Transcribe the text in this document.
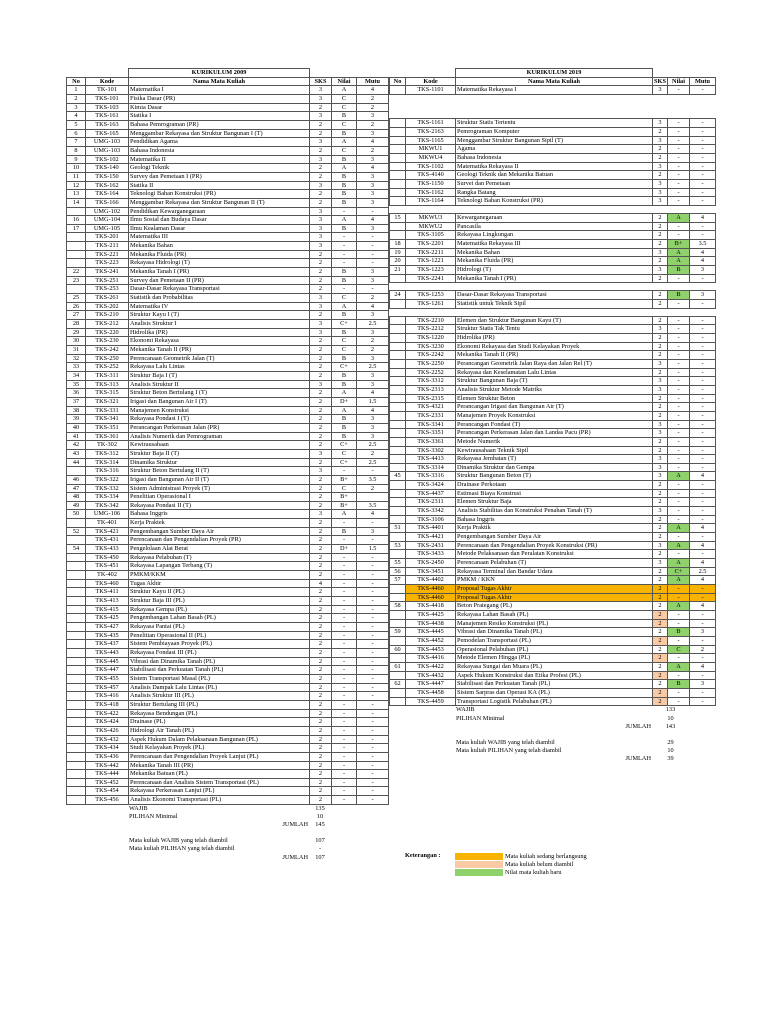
		KURIKULUM 2009			
No	Kode	Nama Mata Kuliah	SKS	Nilai	Mutu
1	TK-101	Matematika I	3	A	4
2	TKS-101	Fisika Dasar (PR)	3	C	2
3	TKS-103	Kimia Dasar	2	C	2
4	TKS-161	Statika I	3	B	3
5	TKS-163	Bahasa Pemrograman (PR)	2	C	2
6	TKS-165	Menggambar Rekayasa dan Struktur Bangunan I (T)	2	B	3
7	UMG-103	Pendidikan Agama	3	A	4
8	UMG-103	Bahasa Indonesia	2	C	2
9	TKS-102	Matematika II	3	B	3
10	TKS-140	Geologi Teknik	2	A	4
11	TKS-150	Survey dan Pemetaan I (PR)	2	B	3
12	TKS-162	Statika II	3	B	3
13	TKS-164	Teknologi Bahan Konstruksi (PR)	2	B	3
14	TKS-166	Menggambar Rekayasa dan Struktur Bangunan II (T)	2	B	3
	UMG-102	Pendidikan Kewarganegaraan	3	-	-
16	UMG-104	Ilmu Sosial dan Budaya Dasar	3	A	4
17	UMG-105	Ilmu Kealaman Dasar	3	B	3
	TKS-201	Matematika III	3	-	-
	TKS-211	Mekanika Bahan	3	-	-
	TKS-221	Mekanika Fluida (PR)	2	-	-
	TKS-223	Rekayasa Hidrologi (T)	2	-	-
22	TKS-241	Mekanika Tanah I (PR)	2	B	3
23	TKS-251	Survey dan Pemetaan II (PR)	2	B	3
	TKS-253	Dasar-Dasar Rekayasa Transportasi	2	-	-
25	TKS-261	Statistik dan Probabilitas	3	C	2
26	TKS-202	Matematika IV	3	A	4
27	TKS-210	Struktur Kayu I (T)	2	B	3
28	TKS-212	Analisis Struktur I	3	C+	2.5
29	TKS-220	Hidrolika (PR)	3	B	3
30	TKS-230	Ekonomi Rekayasa	2	C	2
31	TKS-242	Mekanika Tanah II (PR)	2	C	2
32	TKS-250	Perencanaan Geometrik Jalan (T)	2	B	3
33	TKS-252	Rekayasa Lalu Lintas	2	C+	2.5
34	TKS-311	Struktur Baja I (T)	2	B	3
35	TKS-313	Analisis Struktur II	3	B	3
36	TKS-315	Struktur Beton Bertulang I (T)	2	A	4
37	TKS-321	Irigasi dan Bangunan Air I (T)	2	D+	1.5
38	TKS-331	Manajemen Konstruksi	2	A	4
39	TKS-341	Rekayasa Pondasi I (T)	2	B	3
40	TKS-351	Perancangan Perkerasan Jalan (PR)	2	B	3
41	TKS-361	Analisis Numerik dan Pemrograman	2	B	3
42	TK-302	Kewirausahaan	2	C+	2.5
43	TKS-312	Struktur Baja II (T)	3	C	2
44	TKS-314	Dinamika Struktur	2	C+	2.5
	TKS-316	Struktur Beton Bertulang II (T)	3	-	-
46	TKS-322	Irigasi dan Bangunan Air II (T)	2	B+	3.5
47	TKS-332	Sistem Administrasi Proyek (T)	2	C	2
48	TKS-334	Penelitian Operasional I	2	B+	
49	TKS-342	Rekayasa Pondasi II (T)	2	B+	3.5
50	UMG-106	Bahasa Inggris	3	A	4
	TK-401	Kerja Praktek	2	-	-
52	TKS-421	Pengembangan Sumber Daya Air	2	B	3
	TKS-431	Perencanaan dan Pengendalian Proyek (PR)	2	-	-
54	TKS-433	Pengelolaan Alat Berat	2	D+	1.5
	TKS-450	Rekayasa Pelabuhan (T)	2	-	-
	TKS-451	Rekayasa Lapangan Terbang (T)	2	-	-
	TK-402	PMKM/KKM	2	-	-
	TKS-460	Tugas Akhir	4	-	-
	TKS-411	Struktur Kayu II (PL)	2	-	-
	TKS-413	Struktur Baja III (PL)	2	-	-
	TKS-415	Rekayasa Gempa (PL)	2	-	-
	TKS-425	Pengembangan Lahan Basah (PL)	2	-	-
	TKS-427	Rekayasa Pantai (PL)	2	-	-
	TKS-435	Penelitian Operasional II (PL)	2	-	-
	TKS-437	Sistem Pembiayaan Proyek (PL)	2	-	-
	TKS-443	Rekayasa Fondasi III (PL)	2	-	-
	TKS-445	Vibrasi dan Dinamika Tanah (PL)	2	-	-
	TKS-447	Stabilisasi dan Perkuatan Tanah (PL)	2	-	-
	TKS-455	Sistem Transportasi Masal (PL)	2	-	-
	TKS-457	Analisis Dampak Lalu Lintas (PL)	2	-	-
	TKS-416	Analisis Struktur III (PL)	2	-	-
	TKS-418	Struktur Bertulang III (PL)	2	-	-
	TKS-422	Rekayasa Bendungan (PL)	2	-	-
	TKS-424	Drainase (PL)	2	-	-
	TKS-426	Hidrologi Air Tanah (PL)	2	-	-
	TKS-432	Aspek Hukum Dalam Pelaksanaan Bangunan (PL)	2	-	-
	TKS-434	Studi Kelayakan Proyek (PL)	2	-	-
	TKS-436	Perencanaan dan Pengendalian Proyek Lanjut (PL)	2	-	-
	TKS-442	Mekanika Tanah III (PR)	2	-	-
	TKS-444	Mekanika Batuan (PL)	2	-	-
	TKS-452	Perencanaan dan Analisis Sistem Transportasi (PL)	2	-	-
	TKS-454	Rekayasa Perkerasan Lanjut (PL)	2	-	-
	TKS-456	Analisis Ekonomi Transportasi (PL)	2	-	-
	WAJIB	135	
	PILIHAN Minimal	10	
	JUMLAH	145	

	Mata kuliah WAJIB yang telah diambil	107	
	Mata kuliah PILIHAN yang telah diambil	-	
	JUMLAH	107	
		KURIKULUM 2019			
No	Kode	Nama Mata Kuliah	SKS	Nilai	Mutu
	TKS-1101	Matematika Rekayasa I	3	-	-

	TKS-1161	Struktur Statis Tertentu	3	-	-
	TKS-2163	Pemrograman Komputer	2	-	-
	TKS-1165	Menggambar Struktur Bangunan Sipil (T)	3	-	-
	MKWU1	Agama	2	-	-
	MKWU4	Bahasa Indonesia	2	-	-
	TKS-1102	Matematika Rekayasa II	3	-	-
	TKS-4140	Geologi Teknik dan Mekanika Batuan	2	-	-
	TKS-1150	Survei dan Pemetaan	3	-	-
	TKS-1162	Rangka Batang	3	-	-
	TKS-1164	Teknologi Bahan Konstruksi (PR)	3	-	-

15	MKWU3	Kewarganegaraan	2	A	4
	MKWU2	Pancasila	2	-	-
	TKS-3105	Rekayasa Lingkungan	2	-	-
18	TKS-2201	Matematika Rekayasa III	2	B+	3.5
19	TKS-2211	Mekanika Bahan	3	A	4
20	TKS-1221	Mekanika Fluida (PR)	2	A	4
21	TKS-1223	Hidrologi (T)	3	B	3
	TKS-2241	Mekanika Tanah I (PR)	2	-	-

24	TKS-1253	Dasar-Dasar Rekayasa Transportasi	2	B	3
	TKS-1261	Statistik untuk Teknik Sipil	2	-	-

	TKS-2210	Elemen dan Struktur Bangunan Kayu (T)	2	-	-
	TKS-2212	Struktur Statis Tak Tentu	3	-	-
	TKS-1220	Hidrolika (PR)	2	-	-
	TKS-3230	Ekonomi Rekayasa dan Studi Kelayakan Proyek	2	-	-
	TKS-2242	Mekanika Tanah II (PR)	2	-	-
	TKS-2250	Perancangan Geometrik Jalan Raya dan Jalan Rel (T)	3	-	-
	TKS-2252	Rekayasa dan Keselamatan Lalu Lintas	2	-	-
	TKS-3312	Struktur Bangunan Baja (T)	3	-	-
	TKS-2313	Analisis Struktur Metode Matriks	3	-	-
	TKS-2315	Elemen Struktur Beton	2	-	-
	TKS-4321	Perancangan Irigasi dan Bangunan Air (T)	2	-	-
	TKS-2331	Manajemen Proyek Konstruksi	2	-	-
	TKS-3341	Perancangan Fondasi (T)	3	-	-
	TKS-3351	Perancangan Perkerasan Jalan dan Landas Pacu (PR)	3	-	-
	TKS-3361	Metode Numerik	2	-	-
	TKS-3302	Kewirausahaan Teknik Sipil	2	-	-
	TKS-4413	Rekayasa Jembatan (T)	3	-	-
	TKS-3314	Dinamika Struktur dan Gempa	3	-	-
45	TKS-3316	Struktur Bangunan Beton (T)	3	A	4
	TKS-3424	Drainase Perkotaan	2	-	-
	TKS-4437	Estimasi Biaya Konstrusi	2	-	-
	TKS-2311	Elemen Struktur Baja	2	-	-
	TKS-3342	Analisis Stabilitas dan Konstruksi Penahan Tanah (T)	3	-	-
	TKS-3106	Bahasa Inggris	2	-	-
51	TKS-4401	Kerja Praktik	2	A	4
	TKS-4421	Pengembangan Sumber Daya Air	2	-	-
53	TKS-2431	Perencanaan dan Pengendalian Proyek Konstruksi (PR)	3	A	4
	TKS-3433	Metode Pelaksanaan dan Peralatan Konstruksi	2	-	-
55	TKS-2450	Perencanaan Pelabuhan (T)	3	A	4
56	TKS-3451	Rekayasa Terminal dan Bandar Udara	2	C+	2.5
57	TKS-4402	PMKM / KKN	2	A	4
	TKS-4460	Proposal Tugas Akhir	2	-	-
	TKS-4460	Proposal Tugas Akhir	2	-	-
58	TKS-4418	Beton Prategang (PL)	2	A	4
	TKS-4425	Rekayasa Lahan Basah (PL)	2	-	-
	TKS-4438	Manajemen Resiko Konstruksi (PL)	2	-	-
59	TKS-4445	Vibrasi dan Dinamika Tanah (PL)	2	B	3
	TKS-4452	Pemodelan Transportasi (PL)	2	-	-
60	TKS-4453	Operasional Pelabuhan (PL)	2	C	2
	TKS-4416	Metode Elemen Hingga (PL)	2	-	-
61	TKS-4422	Rekayasa Sungai dan Muara (PL)	2	A	4
	TKS-4432	Aspek Hukum Konstruksi dan Etika Profesi (PL)	2	-	-
62	TKS-4447	Stabilisasi dan Perkuatan Tanah (PL)	2	B	3
	TKS-4458	Sistem Sarpras dan Operasi KA (PL)	2	-	-
	TKS-4459	Transportasi Logistik Pelabuhan (PL)	2	-	-
	WAJIB	133	
	PILIHAN Minimal	10	
	JUMLAH	143	

	Mata kuliah WAJIB yang telah diambil	29	
	Mata kuliah PILIHAN yang telah diambil	10	
	JUMLAH	39	
Keterangan :	Mata kuliah sedang berlangsung
Mata kuliah belum diambil
Nilai mata kuliah baru
